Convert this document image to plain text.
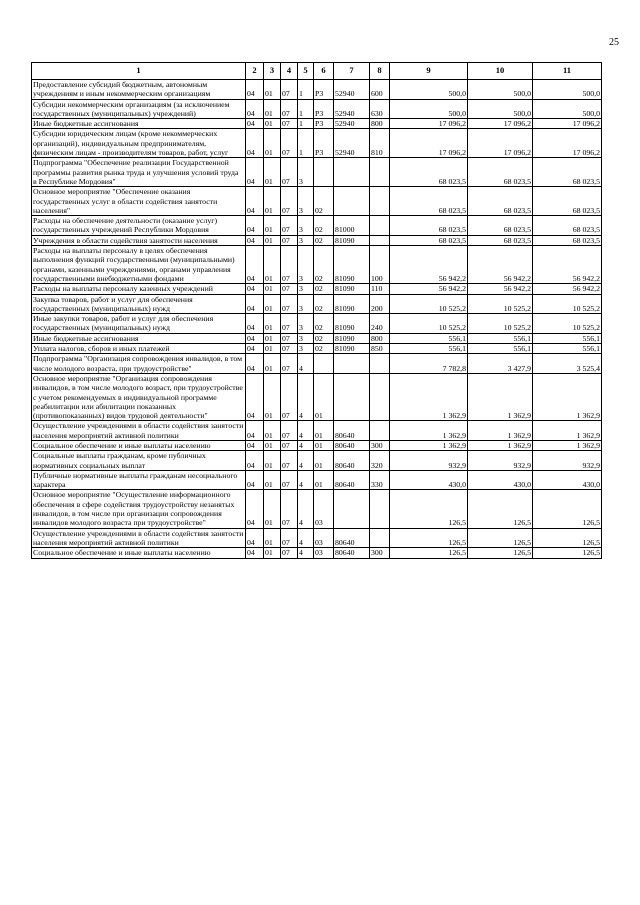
25
1	2	3	4	5	6	7	8	9	10	11
Предоставление субсидий бюджетным, автономным учреждениям и иным некоммерческим организациям	04	01	07	1	Р3	52940	600	500,0	500,0	500,0
Субсидии некоммерческим организациям (за исключением государственных (муниципальных) учреждений)	04	01	07	1	Р3	52940	630	500,0	500,0	500,0
Иные бюджетные ассигнования	04	01	07	1	Р3	52940	800	17 096,2	17 096,2	17 096,2
Субсидии юридическим лицам (кроме некоммерческих организаций), индивидуальным предпринимателям, физическим лицам - производителям товаров, работ, услуг	04	01	07	1	Р3	52940	810	17 096,2	17 096,2	17 096,2
Подпрограмма "Обеспечение реализации Государственной программы развития рынка труда и улучшения условий труда в Республике Мордовия"	04	01	07	3				68 023,5	68 023,5	68 023,5
Основное мероприятие "Обеспечение оказания государственных услуг в области содействия занятости населения"	04	01	07	3	02			68 023,5	68 023,5	68 023,5
Расходы на обеспечение деятельности (оказание услуг) государственных учреждений Республики Мордовия	04	01	07	3	02	81000		68 023,5	68 023,5	68 023,5
Учреждения в области содействия занятости населения	04	01	07	3	02	81090		68 023,5	68 023,5	68 023,5
Расходы на выплаты персоналу в целях обеспечения выполнения функций государственными (муниципальными) органами, казенными учреждениями, органами управления государственными внебюджетными фондами	04	01	07	3	02	81090	100	56 942,2	56 942,2	56 942,2
Расходы на выплаты персоналу казенных учреждений	04	01	07	3	02	81090	110	56 942,2	56 942,2	56 942,2
Закупка товаров, работ и услуг для обеспечения государственных (муниципальных) нужд	04	01	07	3	02	81090	200	10 525,2	10 525,2	10 525,2
Иные закупки товаров, работ и услуг для обеспечения государственных (муниципальных) нужд	04	01	07	3	02	81090	240	10 525,2	10 525,2	10 525,2
Иные бюджетные ассигнования	04	01	07	3	02	81090	800	556,1	556,1	556,1
Уплата налогов, сборов и иных платежей	04	01	07	3	02	81090	850	556,1	556,1	556,1
Подпрограмма "Организация сопровождения инвалидов, в том числе молодого возраста, при трудоустройстве"	04	01	07	4				7 782,8	3 427,9	3 525,4
Основное мероприятие "Организация сопровождения инвалидов, в том числе молодого возраст, при трудоустройстве с учетом рекомендуемых в индивидуальной программе реабилитации или абилитации показанных (противопоказанных) видов трудовой деятельности"	04	01	07	4	01			1 362,9	1 362,9	1 362,9
Осуществление учреждениями в области содействия занятости населения мероприятий активной политики	04	01	07	4	01	80640		1 362,9	1 362,9	1 362,9
Социальное обеспечение и иные выплаты населению	04	01	07	4	01	80640	300	1 362,9	1 362,9	1 362,9
Социальные выплаты гражданам, кроме публичных нормативных социальных выплат	04	01	07	4	01	80640	320	932,9	932,9	932,9
Публичные нормативные выплаты гражданам несоциального характера	04	01	07	4	01	80640	330	430,0	430,0	430,0
Основное мероприятие "Осуществление информационного обеспечения в сфере содействия трудоустройству незанятых инвалидов, в том числе при организации сопровождения инвалидов молодого возраста при трудоустройстве"	04	01	07	4	03			126,5	126,5	126,5
Осуществление учреждениями в области содействия занятости населения мероприятий активной политики	04	01	07	4	03	80640		126,5	126,5	126,5
Социальное обеспечение и иные выплаты населению	04	01	07	4	03	80640	300	126,5	126,5	126,5
